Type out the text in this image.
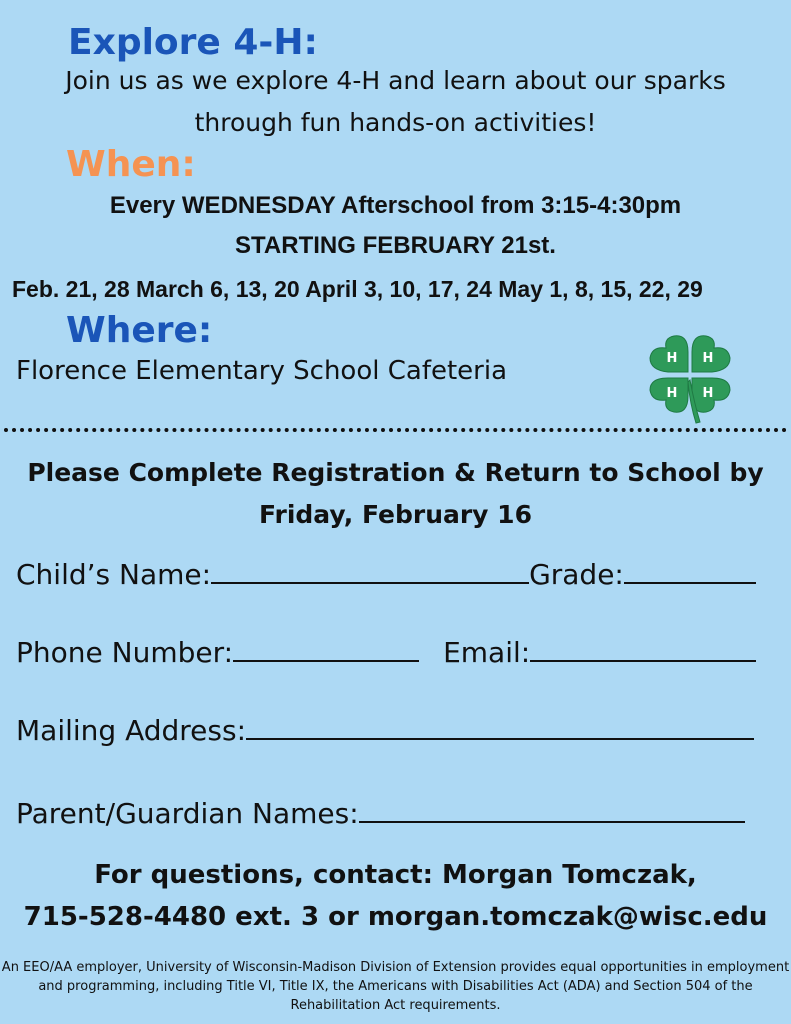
Explore 4-H:
Join us as we explore 4-H and learn about our sparks
through fun hands-on activities!
When:
Every WEDNESDAY Afterschool from 3:15-4:30pm
STARTING FEBRUARY 21st.
Feb. 21, 28 March 6, 13, 20 April 3, 10, 17, 24 May 1, 8, 15, 22, 29
Where:
Florence Elementary School Cafeteria	H H
H H
Please Complete Registration & Return to School by
Friday, February 16
Child’s Name:	Grade:
Phone Number:	Email:
Mailing Address:
Parent/Guardian Names:
For questions, contact: Morgan Tomczak,
715-528-4480 ext. 3 or morgan.tomczak@wisc.edu
An EEO/AA employer, University of Wisconsin-Madison Division of Extension provides equal opportunities in employment and programming, including Title VI, Title IX, the Americans with Disabilities Act (ADA) and Section 504 of the Rehabilitation Act requirements.
